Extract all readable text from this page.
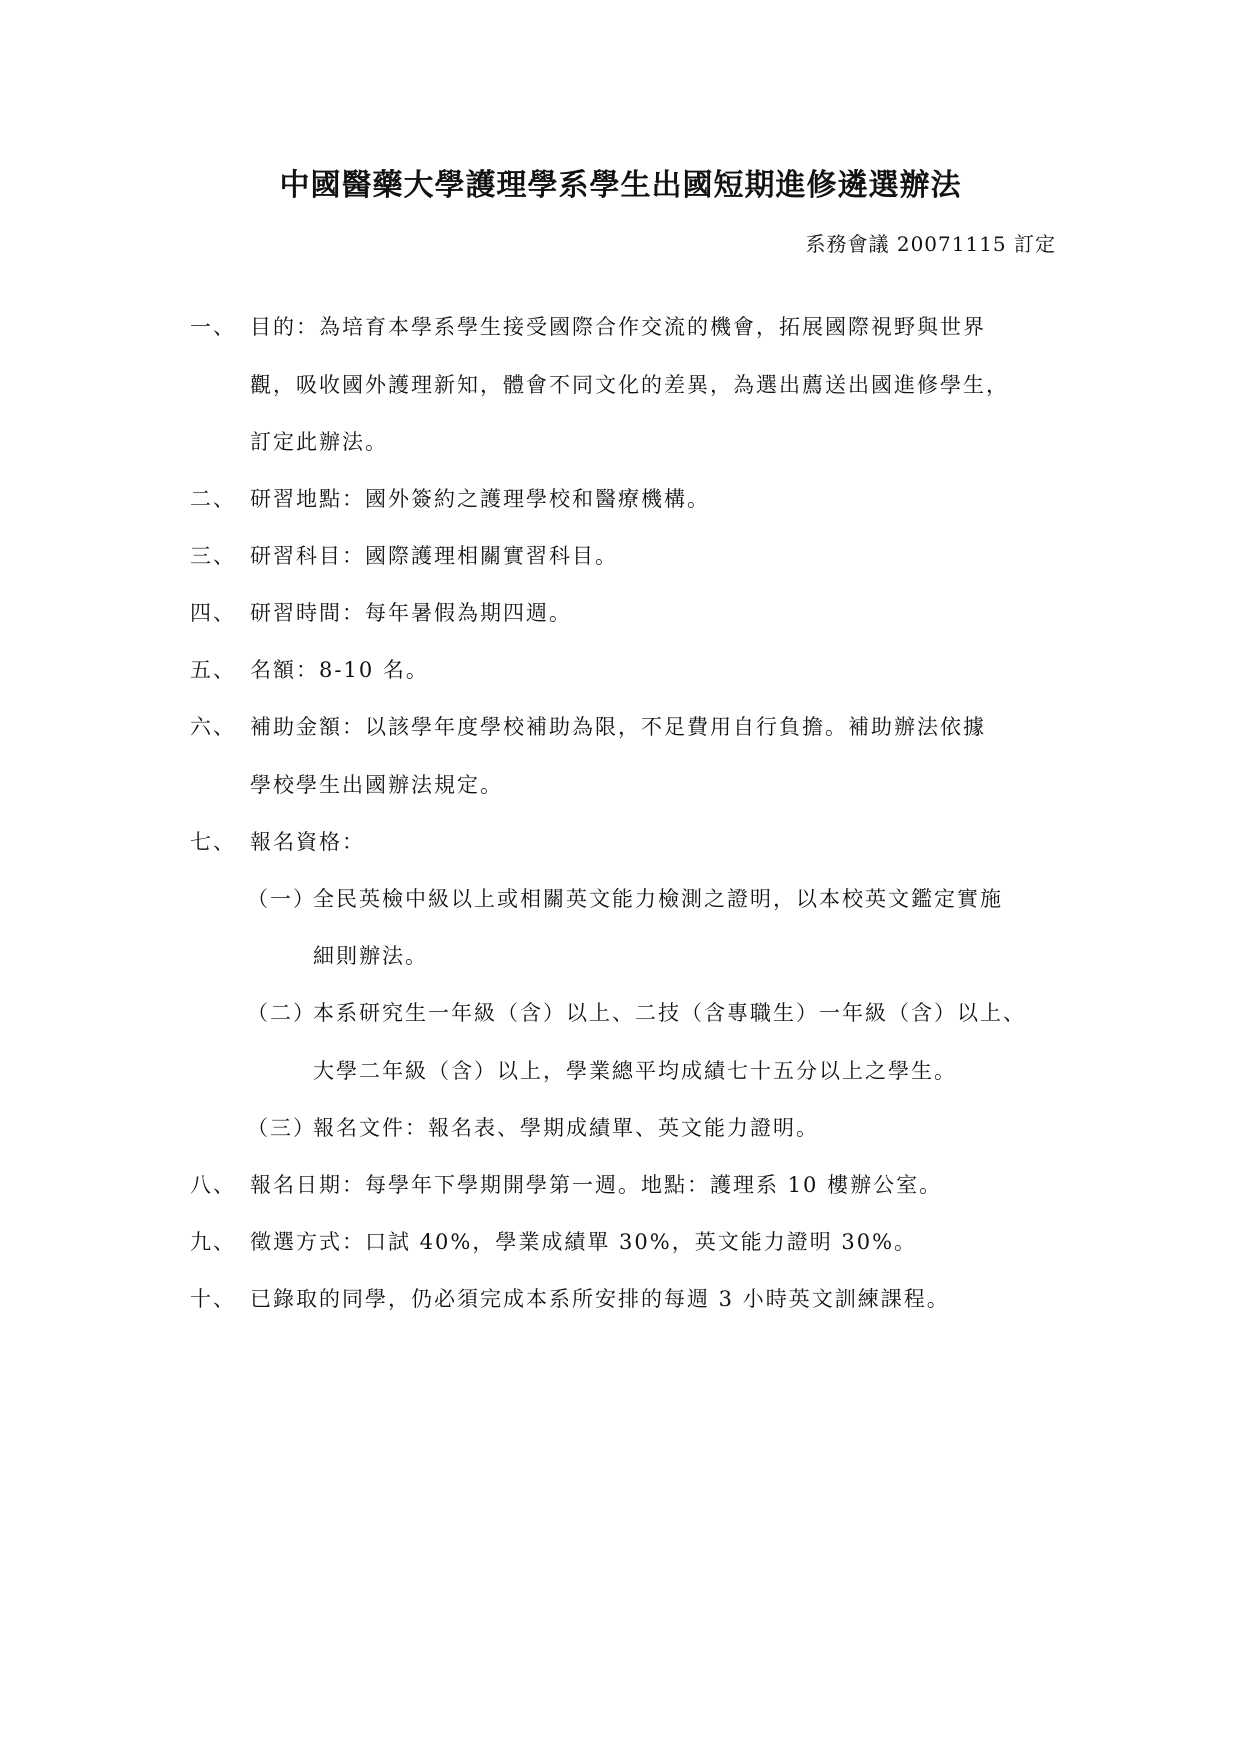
中國醫藥大學護理學系學生出國短期進修遴選辦法

系務會議 20071115 訂定

一、 目的：為培育本學系學生接受國際合作交流的機會，拓展國際視野與世界
觀，吸收國外護理新知，體會不同文化的差異，為選出薦送出國進修學生，
訂定此辦法。
二、 研習地點：國外簽約之護理學校和醫療機構。
三、 研習科目：國際護理相關實習科目。
四、 研習時間：每年暑假為期四週。
五、 名額：8-10 名。
六、 補助金額：以該學年度學校補助為限，不足費用自行負擔。補助辦法依據
學校學生出國辦法規定。
七、 報名資格：
（一）
全民英檢中級以上或相關英文能力檢測之證明，以本校英文鑑定實施
細則辦法。
（二）
本系研究生一年級（含）以上、二技（含專職生）一年級（含）以上、
大學二年級（含）以上，學業總平均成績七十五分以上之學生。
（三）
報名文件：報名表、學期成績單、英文能力證明。
八、 報名日期：每學年下學期開學第一週。地點：護理系 10 樓辦公室。
九、 徵選方式：口試 40%，學業成績單 30%，英文能力證明 30%。
十、 已錄取的同學，仍必須完成本系所安排的每週 3 小時英文訓練課程。
